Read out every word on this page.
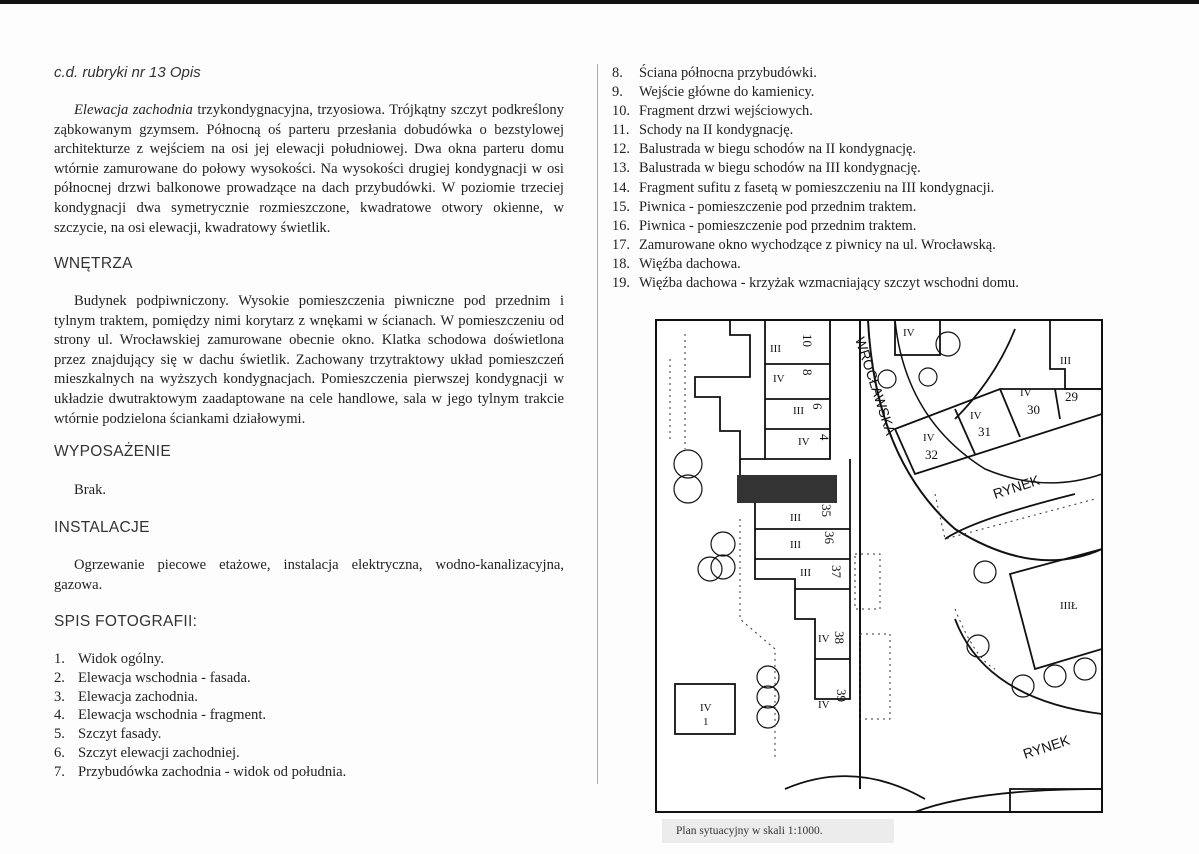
c.d. rubryki nr 13 Opis

Elewacja zachodnia trzykondygnacyjna, trzyosiowa. Trójkątny szczyt podkreślony ząbkowanym gzymsem. Północną oś parteru przesłania dobudówka o bezstylowej architekturze z wejściem na osi jej elewacji południowej. Dwa okna parteru domu wtórnie zamurowane do połowy wysokości. Na wysokości drugiej kondygnacji w osi północnej drzwi balkonowe prowadzące na dach przybudówki. W poziomie trzeciej kondygnacji dwa symetrycznie rozmieszczone, kwadratowe otwory okienne, w szczycie, na osi elewacji, kwadratowy świetlik.
WNĘTRZA
Budynek podpiwniczony. Wysokie pomieszczenia piwniczne pod przednim i tylnym traktem, pomiędzy nimi korytarz z wnękami w ścianach. W pomieszczeniu od strony ul. Wrocławskiej zamurowane obecnie okno. Klatka schodowa doświetlona przez znajdujący się w dachu świetlik. Zachowany trzytraktowy układ pomieszczeń mieszkalnych na wyższych kondygnacjach. Pomieszczenia pierwszej kondygnacji w układzie dwutraktowym zaadaptowane na cele handlowe, sala w jego tylnym trakcie wtórnie podzielona ściankami działowymi.
WYPOSAŻENIE
Brak.
INSTALACJE
Ogrzewanie piecowe etażowe, instalacja elektryczna, wodno-kanalizacyjna, gazowa.
SPIS FOTOGRAFII:
1. Widok ogólny.
2. Elewacja wschodnia - fasada.
3. Elewacja zachodnia.
4. Elewacja wschodnia - fragment.
5. Szczyt fasady.
6. Szczyt elewacji zachodniej.
7. Przybudówka zachodnia - widok od południa.
8.	Ściana północna przybudówki.
9.	Wejście główne do kamienicy.
10. Fragment drzwi wejściowych.
11. Schody na II kondygnację.
12. Balustrada w biegu schodów na II kondygnację.
13. Balustrada w biegu schodów na III kondygnację.
14. Fragment sufitu z fasetą w pomieszczeniu na III kondygnacji.
15. Piwnica - pomieszczenie pod przednim traktem.
16. Piwnica - pomieszczenie pod przednim traktem.
17. Zamurowane okno wychodzące z piwnicy na ul. Wrocławską.
18. Więźba dachowa.
19. Więźba dachowa - krzyżak wzmacniający szczyt wschodni domu.
WROCŁAWSKA
RYNEK
RYNEK
III
10
IV
8
III 6
IV 4
III
35
III
36
III 37
IV 38
IV
39
IV
1
IV
III
IV
30
IV
31
IV
32
29
IIIŁ
Plan sytuacyjny w skali 1:1000.
